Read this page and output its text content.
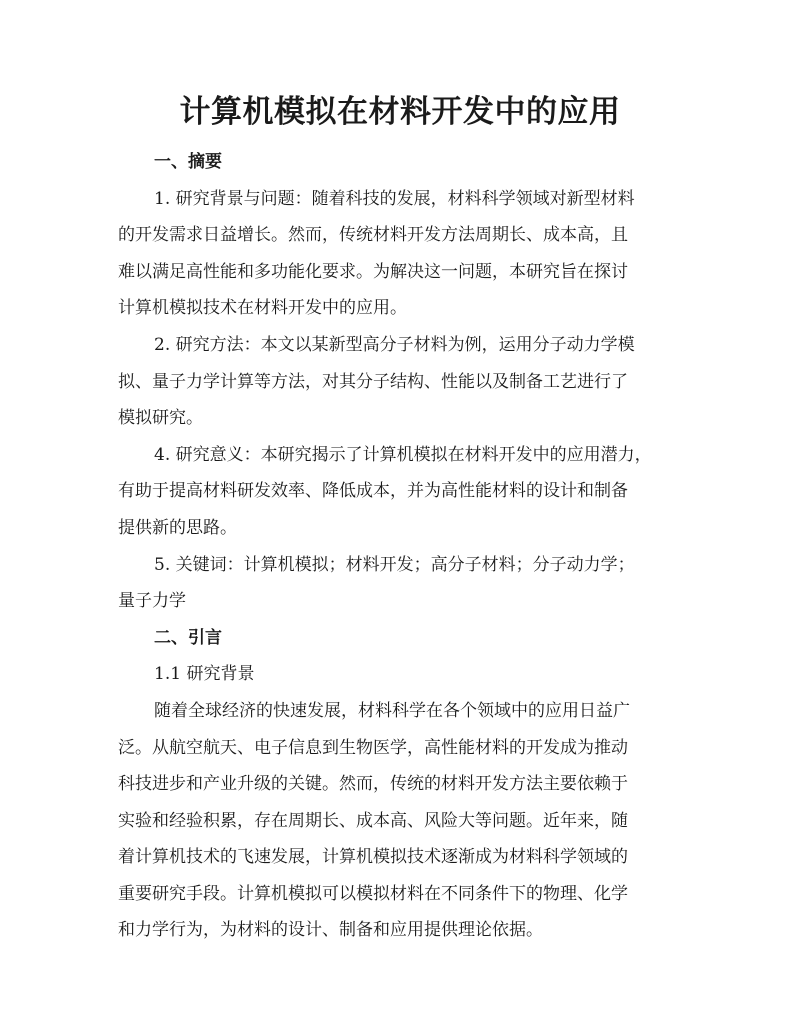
计算机模拟在材料开发中的应用

一、摘要

1. 研究背景与问题：随着科技的发展，材料科学领域对新型材料

的开发需求日益增长。然而，传统材料开发方法周期长、成本高，且

难以满足高性能和多功能化要求。为解决这一问题，本研究旨在探讨

计算机模拟技术在材料开发中的应用。

2. 研究方法：本文以某新型高分子材料为例，运用分子动力学模

拟、量子力学计算等方法，对其分子结构、性能以及制备工艺进行了

模拟研究。

4. 研究意义：本研究揭示了计算机模拟在材料开发中的应用潜力，

有助于提高材料研发效率、降低成本，并为高性能材料的设计和制备

提供新的思路。

5. 关键词：计算机模拟；材料开发；高分子材料；分子动力学；

量子力学

二、引言

1.1 研究背景

随着全球经济的快速发展，材料科学在各个领域中的应用日益广

泛。从航空航天、电子信息到生物医学，高性能材料的开发成为推动

科技进步和产业升级的关键。然而，传统的材料开发方法主要依赖于

实验和经验积累，存在周期长、成本高、风险大等问题。近年来，随

着计算机技术的飞速发展，计算机模拟技术逐渐成为材料科学领域的

重要研究手段。计算机模拟可以模拟材料在不同条件下的物理、化学

和力学行为，为材料的设计、制备和应用提供理论依据。
